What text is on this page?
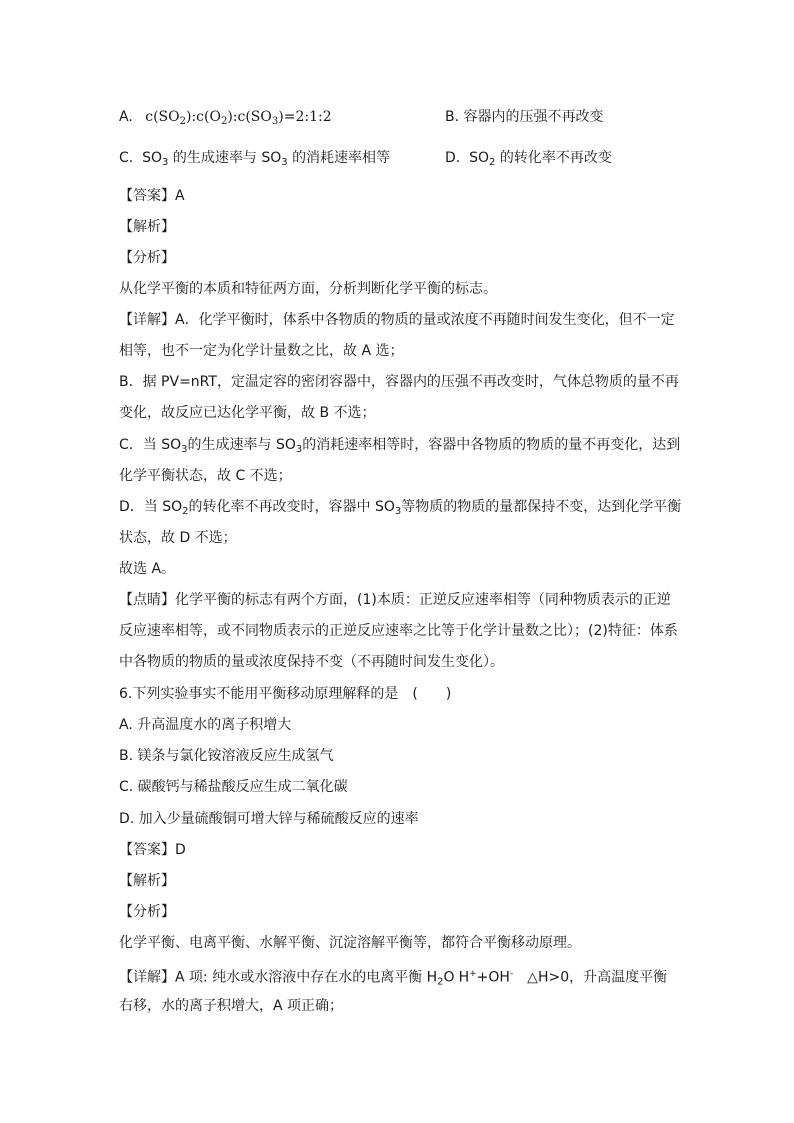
A. $c(SO_2):c(O_2):c(SO_3)=2:1:2$	B. 容器内的压强不再改变
C. $SO_3$ 的生成速率与 $SO_3$ 的消耗速率相等	D. $SO_2$ 的转化率不再改变
【答案】A
【解析】
【分析】
从化学平衡的本质和特征两方面，分析判断化学平衡的标志。
【详解】A．化学平衡时，体系中各物质的物质的量或浓度不再随时间发生变化，但不一定
相等，也不一定为化学计量数之比，故 A 选；
B．据 PV=nRT，定温定容的密闭容器中，容器内的压强不再改变时，气体总物质的量不再
变化，故反应已达化学平衡，故 B 不选；
C．当 $SO_3$的生成速率与 $SO_3$的消耗速率相等时，容器中各物质的物质的量不再变化，达到
化学平衡状态，故 C 不选；
D．当 $SO_2$的转化率不再改变时，容器中 $SO_3$等物质的物质的量都保持不变，达到化学平衡
状态，故 D 不选；
故选 A。
【点睛】化学平衡的标志有两个方面，(1)本质：正逆反应速率相等（同种物质表示的正逆
反应速率相等，或不同物质表示的正逆反应速率之比等于化学计量数之比）；(2)特征：体系
中各物质的物质的量或浓度保持不变（不再随时间发生变化）。
6.下列实验事实不能用平衡移动原理解释的是　(　　)
A. 升高温度水的离子积增大
B. 镁条与氯化铵溶液反应生成氢气
C. 碳酸钙与稀盐酸反应生成二氧化碳
D. 加入少量硫酸铜可增大锌与稀硫酸反应的速率
【答案】D
【解析】
【分析】
化学平衡、电离平衡、水解平衡、沉淀溶解平衡等，都符合平衡移动原理。
【详解】A 项: 纯水或水溶液中存在水的电离平衡 $H_2O$ H++OH-　△H>0，升高温度平衡
右移，水的离子积增大，A 项正确；
